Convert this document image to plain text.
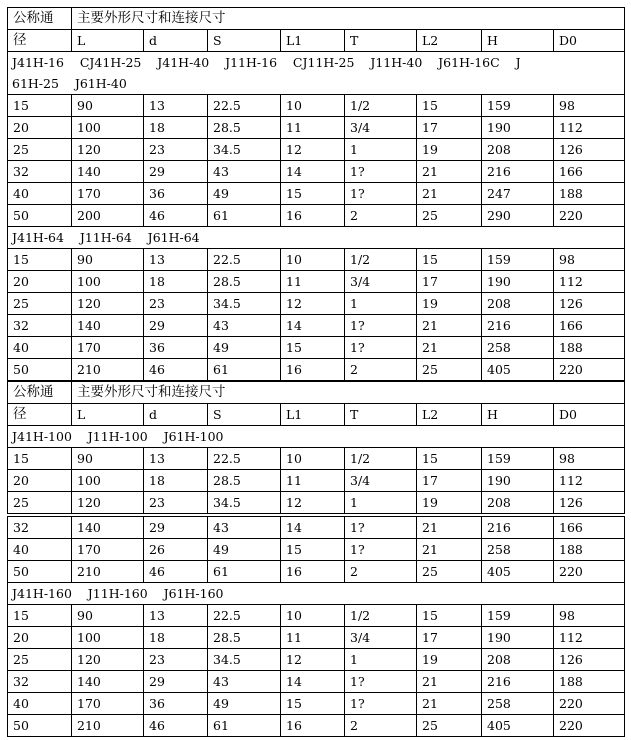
公称通	主要外形尺寸和连接尺寸							
径	L	d	S	L1	T	L2	H	D0
J41H-16    CJ41H-25    J41H-40    J11H-16    CJ11H-25    J11H-40    J61H-16C    J
61H-25    J61H-40								
15	90	13	22.5	10	1/2	15	159	98
20	100	18	28.5	11	3/4	17	190	112
25	120	23	34.5	12	1	19	208	126
32	140	29	43	14	1?	21	216	166
40	170	36	49	15	1?	21	247	188
50	200	46	61	16	2	25	290	220
J41H-64    J11H-64    J61H-64								
15	90	13	22.5	10	1/2	15	159	98
20	100	18	28.5	11	3/4	17	190	112
25	120	23	34.5	12	1	19	208	126
32	140	29	43	14	1?	21	216	166
40	170	36	49	15	1?	21	258	188
50	210	46	61	16	2	25	405	220
公称通	主要外形尺寸和连接尺寸							
径	L	d	S	L1	T	L2	H	D0
J41H-100    J11H-100    J61H-100								
15	90	13	22.5	10	1/2	15	159	98
20	100	18	28.5	11	3/4	17	190	112
25	120	23	34.5	12	1	19	208	126
32	140	29	43	14	1?	21	216	166
40	170	26	49	15	1?	21	258	188
50	210	46	61	16	2	25	405	220
J41H-160    J11H-160    J61H-160								
15	90	13	22.5	10	1/2	15	159	98
20	100	18	28.5	11	3/4	17	190	112
25	120	23	34.5	12	1	19	208	126
32	140	29	43	14	1?	21	216	188
40	170	36	49	15	1?	21	258	220
50	210	46	61	16	2	25	405	220
